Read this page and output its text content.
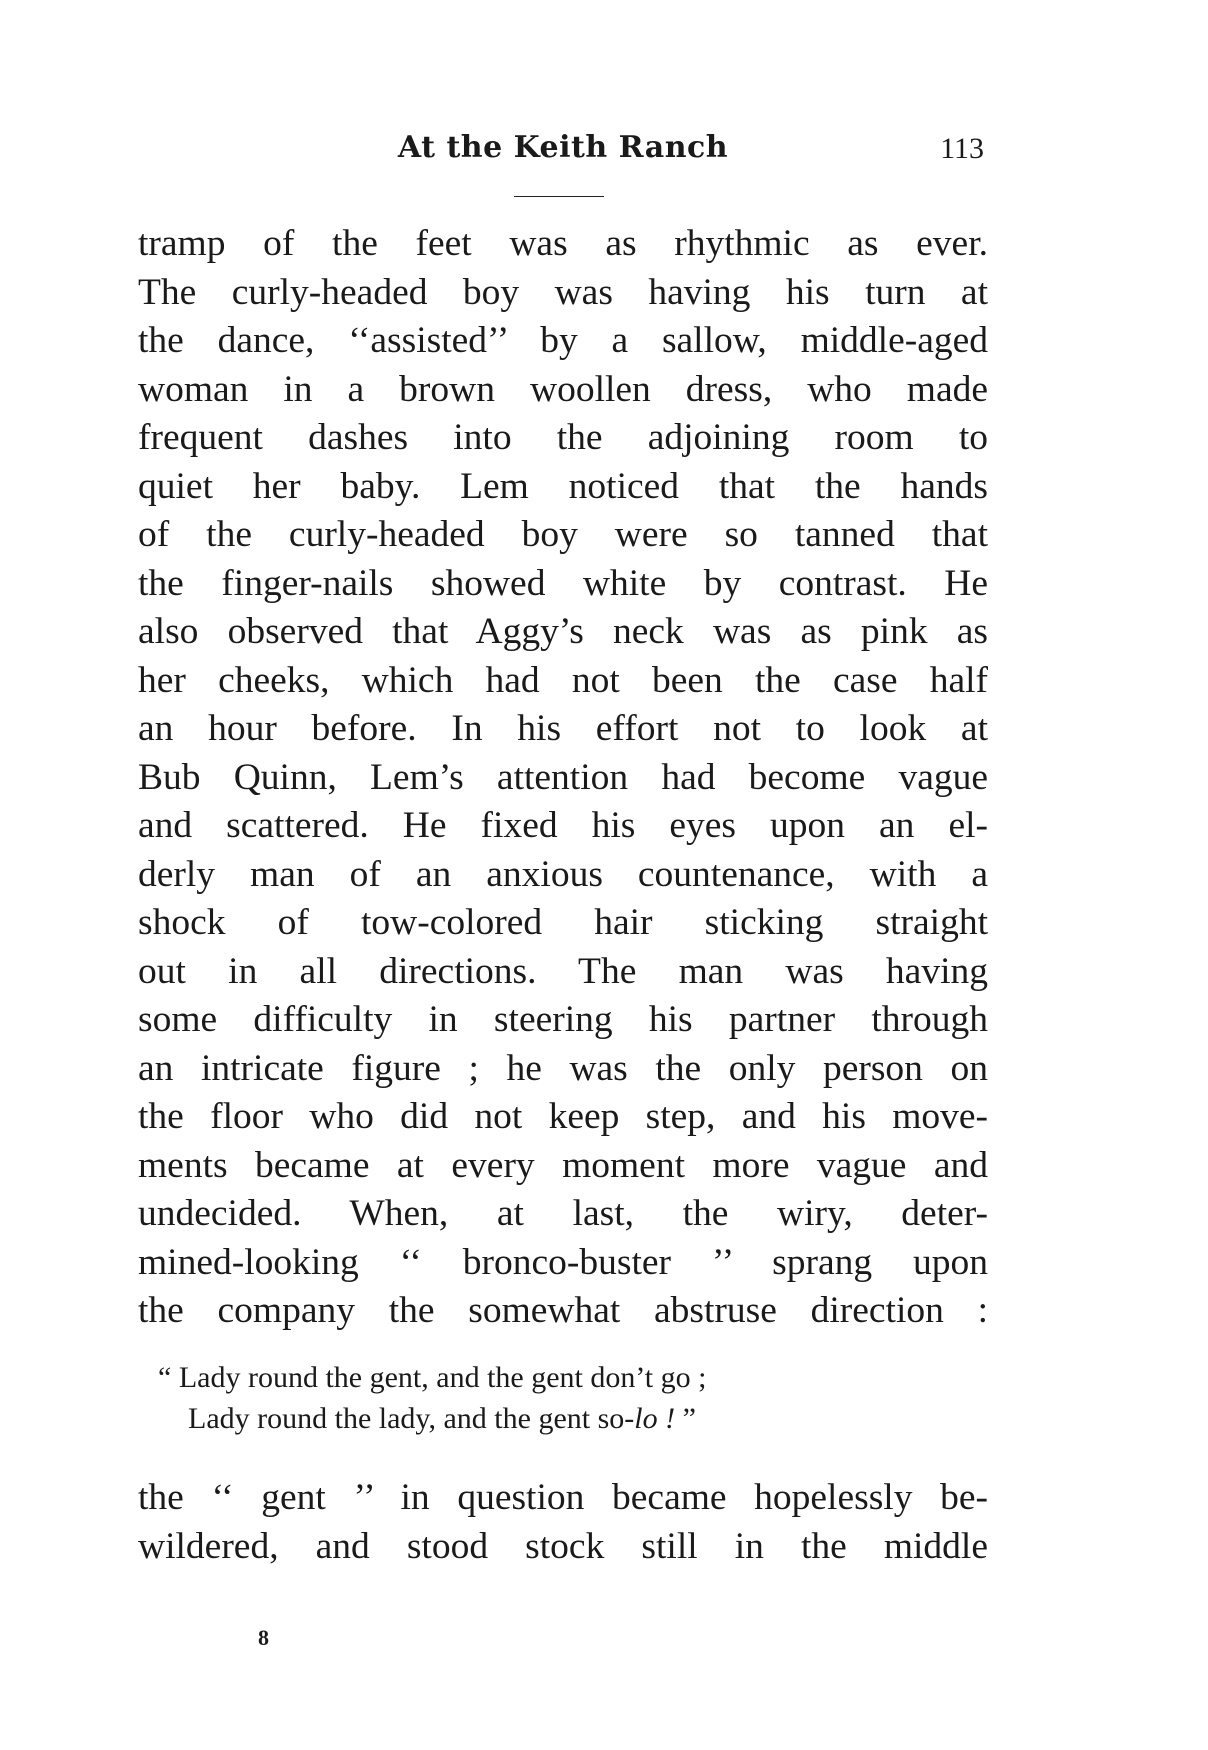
At the Keith Ranch	113
tramp of the feet was as rhythmic as ever.
The curly-headed boy was having his turn at
the dance, ‘‘assisted’’ by a sallow, middle-aged
woman in a brown woollen dress, who made
frequent dashes into the adjoining room to
quiet her baby. Lem noticed that the hands
of the curly-headed boy were so tanned that
the finger-nails showed white by contrast. He
also observed that Aggy’s neck was as pink as
her cheeks, which had not been the case half
an hour before. In his effort not to look at
Bub Quinn, Lem’s attention had become vague
and scattered. He fixed his eyes upon an el-
derly man of an anxious countenance, with a
shock of tow-colored hair sticking straight
out in all directions. The man was having
some difficulty in steering his partner through
an intricate figure ; he was the only person on
the floor who did not keep step, and his move-
ments became at every moment more vague and
undecided. When, at last, the wiry, deter-
mined-looking ‘‘ bronco-buster ’’ sprang upon
the company the somewhat abstruse direction :
“ Lady round the gent, and the gent don’t go ;
Lady round the lady, and the gent so-lo ! ”
the ‘‘ gent ’’ in question became hopelessly be-
wildered, and stood stock still in the middle
8
